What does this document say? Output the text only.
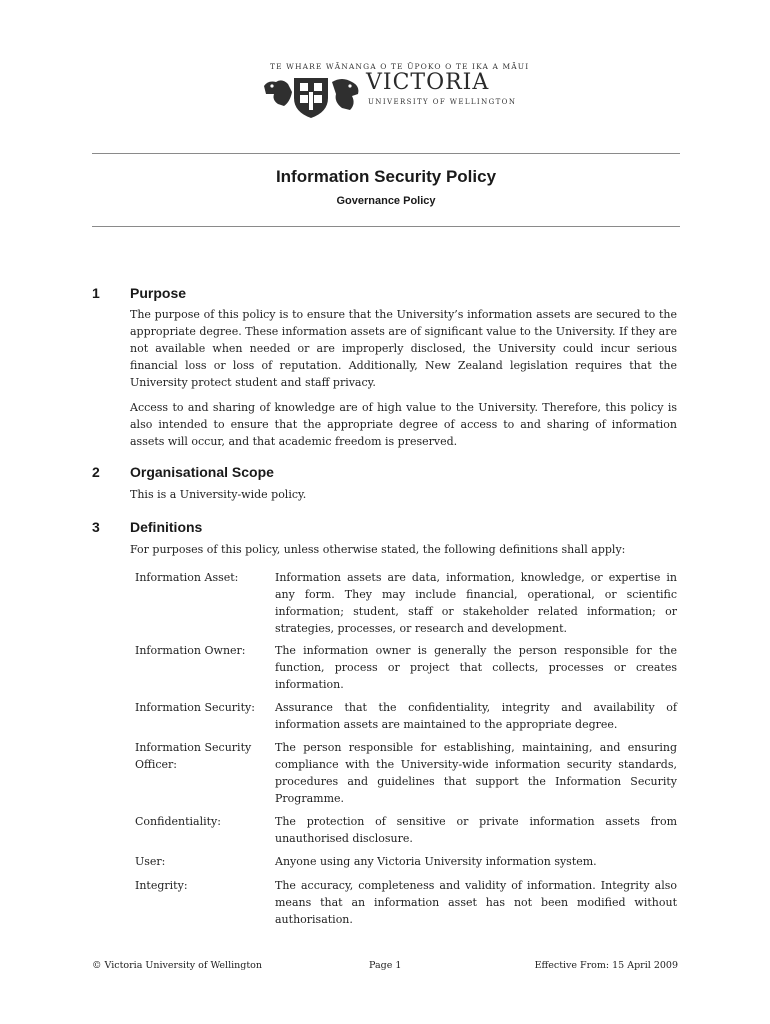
TE WHARE WĀNANGA O TE ŪPOKO O TE IKA A MĀUI
VICTORIA
UNIVERSITY OF WELLINGTON
Information Security Policy
Governance Policy
1 Purpose

The purpose of this policy is to ensure that the University’s information assets are secured to the appropriate degree. These information assets are of significant value to the University. If they are not available when needed or are improperly disclosed, the University could incur serious financial loss or loss of reputation. Additionally, New Zealand legislation requires that the University protect student and staff privacy.

Access to and sharing of knowledge are of high value to the University. Therefore, this policy is also intended to ensure that the appropriate degree of access to and sharing of information assets will occur, and that academic freedom is preserved.

2 Organisational Scope

This is a University-wide policy.

3 Definitions

For purposes of this policy, unless otherwise stated, the following definitions shall apply:

Information Asset:	Information assets are data, information, knowledge, or expertise in any form. They may include financial, operational, or scientific information; student, staff or stakeholder related information; or strategies, processes, or research and development.
Information Owner:	The information owner is generally the person responsible for the function, process or project that collects, processes or creates information.
Information Security:	Assurance that the confidentiality, integrity and availability of information assets are maintained to the appropriate degree.
Information Security Officer:
The person responsible for establishing, maintaining, and ensuring compliance with the University-wide information security standards, procedures and guidelines that support the Information Security Programme.
Confidentiality:	The protection of sensitive or private information assets from unauthorised disclosure.
User:	Anyone using any Victoria University information system.
Integrity:	The accuracy, completeness and validity of information. Integrity also means that an information asset has not been modified without authorisation.
© Victoria University of Wellington	Page 1	Effective From: 15 April 2009
